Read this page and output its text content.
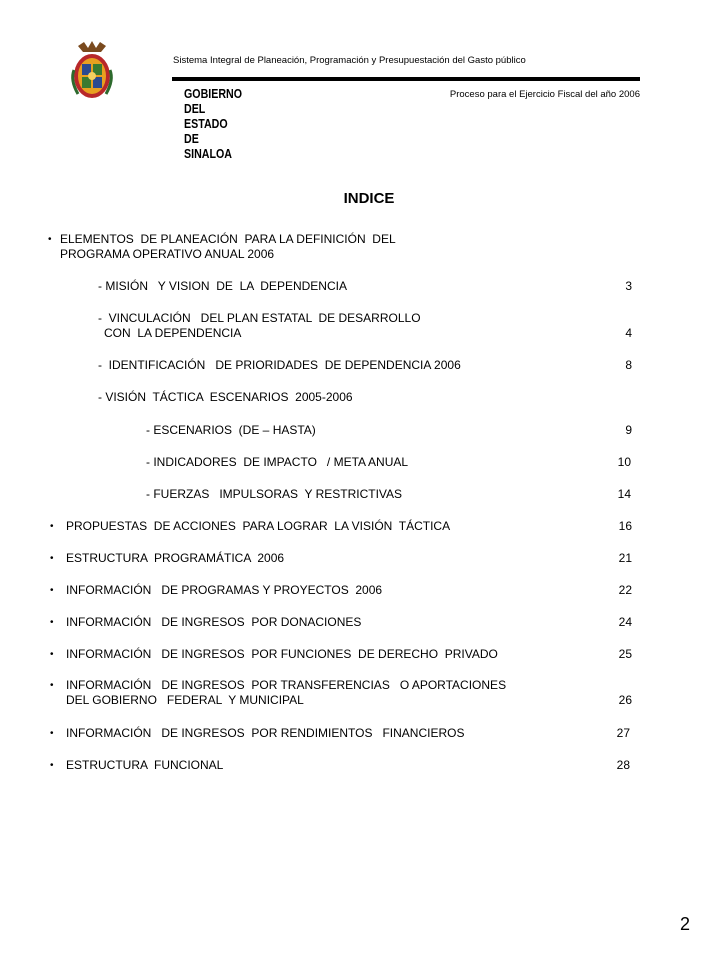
GOBIERNO
DEL ESTADO
DE SINALOA
Sistema Integral de Planeación, Programación y Presupuestación del Gasto público
Proceso para el Ejercicio Fiscal del año 2006
INDICE
• ELEMENTOS  DE PLANEACIÓN  PARA LA DEFINICIÓN  DEL
PROGRAMA OPERATIVO ANUAL 2006
- MISIÓN   Y VISION  DE  LA  DEPENDENCIA	3
-  VINCULACIÓN   DEL PLAN ESTATAL  DE DESARROLLO
CON  LA DEPENDENCIA	4
-  IDENTIFICACIÓN   DE PRIORIDADES  DE DEPENDENCIA 2006	8
- VISIÓN  TÁCTICA  ESCENARIOS  2005-2006
- ESCENARIOS  (DE – HASTA)	9
- INDICADORES  DE IMPACTO   / META ANUAL	10
- FUERZAS   IMPULSORAS  Y RESTRICTIVAS	14
• PROPUESTAS  DE ACCIONES  PARA LOGRAR  LA VISIÓN  TÁCTICA	16
• ESTRUCTURA  PROGRAMÁTICA  2006	21
• INFORMACIÓN   DE PROGRAMAS Y PROYECTOS  2006	22
• INFORMACIÓN   DE INGRESOS  POR DONACIONES	24
• INFORMACIÓN   DE INGRESOS  POR FUNCIONES  DE DERECHO  PRIVADO	25
• INFORMACIÓN   DE INGRESOS  POR TRANSFERENCIAS   O APORTACIONES
DEL GOBIERNO   FEDERAL  Y MUNICIPAL	26
• INFORMACIÓN   DE INGRESOS  POR RENDIMIENTOS   FINANCIEROS	27
• ESTRUCTURA  FUNCIONAL	28
2
